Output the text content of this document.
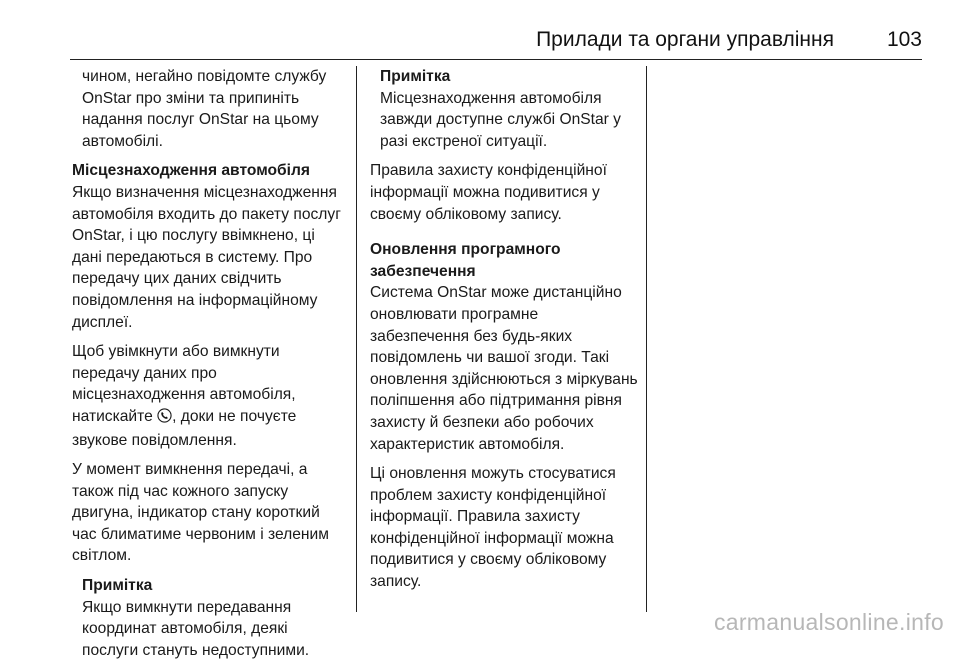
Прилади та органи управління	103

чином, негайно повідомте службу OnStar про зміни та припиніть надання послуг OnStar на цьому автомобілі.

Місцезнаходження автомобіля

Якщо визначення місцезнаходження автомобіля входить до пакету послуг OnStar, і цю послугу ввімкнено, ці дані передаються в систему. Про передачу цих даних свідчить повідомлення на інформаційному дисплеї.

Щоб увімкнути або вимкнути передачу даних про місцезнаходження автомобіля, натискайте , доки не почуєте звукове повідомлення.

У момент вимкнення передачі, а також під час кожного запуску двигуна, індикатор стану короткий час блиматиме червоним і зеленим світлом.

Примітка

Якщо вимкнути передавання координат автомобіля, деякі послуги стануть недоступними.

Примітка

Місцезнаходження автомобіля завжди доступне службі OnStar у разі екстреної ситуації.

Правила захисту конфіденційної інформації можна подивитися у своєму обліковому запису.

Оновлення програмного забезпечення

Система OnStar може дистанційно оновлювати програмне забезпечення без будь-яких повідомлень чи вашої згоди. Такі оновлення здійснюються з міркувань поліпшення або підтримання рівня захисту й безпеки або робочих характеристик автомобіля.

Ці оновлення можуть стосуватися проблем захисту конфіденційної інформації. Правила захисту конфіденційної інформації можна подивитися у своєму обліковому запису.

carmanualsonline.info
